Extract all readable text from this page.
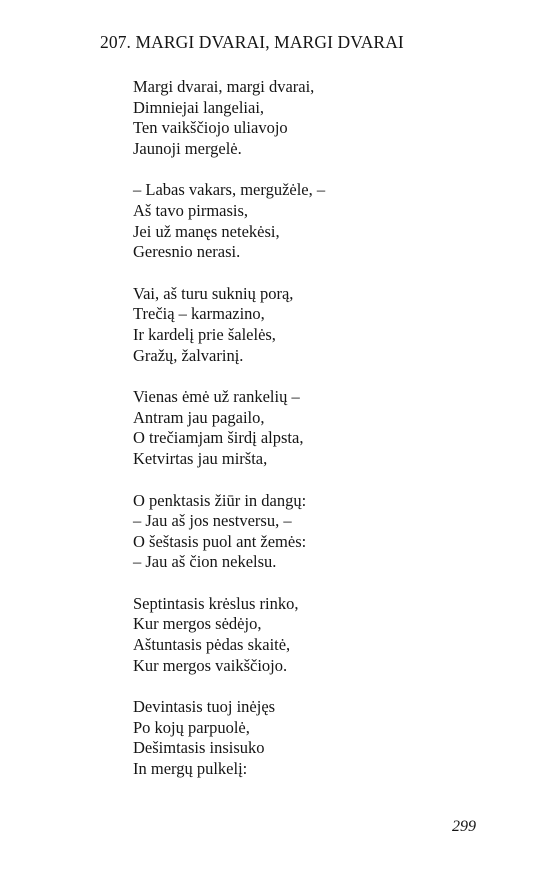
207. MARGI DVARAI, MARGI DVARAI
Margi dvarai, margi dvarai,
Dimniejai langeliai,
Ten vaikščiojo uliavojo
Jaunoji mergelė.
– Labas vakars, mergužėle, –
Aš tavo pirmasis,
Jei už manęs netekėsi,
Geresnio nerasi.
Vai, aš turu suknių porą,
Trečią – karmazino,
Ir kardelį prie šalelės,
Gražų, žalvarinį.
Vienas ėmė už rankelių –
Antram jau pagailo,
O trečiamjam širdį alpsta,
Ketvirtas jau miršta,
O penktasis žiūr in dangų:
– Jau aš jos nestversu, –
O šeštasis puol ant žemės:
– Jau aš čion nekelsu.
Septintasis krėslus rinko,
Kur mergos sėdėjo,
Aštuntasis pėdas skaitė,
Kur mergos vaikščiojo.
Devintasis tuoj inėjęs
Po kojų parpuolė,
Dešimtasis insisuko
In mergų pulkelį:
299
